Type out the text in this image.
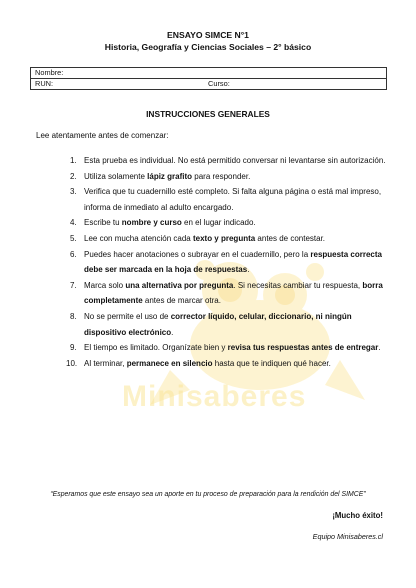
Minisaberes
ENSAYO SIMCE N°1
Historia, Geografía y Ciencias Sociales – 2° básico
Nombre:
RUN:	Curso:
INSTRUCCIONES GENERALES
Lee atentamente antes de comenzar:
1. Esta prueba es individual. No está permitido conversar ni levantarse sin autorización.
2. Utiliza solamente lápiz grafito para responder.
3. Verifica que tu cuadernillo esté completo. Si falta alguna página o está mal impreso, informa de inmediato al adulto encargado.
4. Escribe tu nombre y curso en el lugar indicado.
5. Lee con mucha atención cada texto y pregunta antes de contestar.
6. Puedes hacer anotaciones o subrayar en el cuadernillo, pero la respuesta correcta debe ser marcada en la hoja de respuestas.
7. Marca solo una alternativa por pregunta. Si necesitas cambiar tu respuesta, borra completamente antes de marcar otra.
8. No se permite el uso de corrector líquido, celular, diccionario, ni ningún dispositivo electrónico.
9. El tiempo es limitado. Organízate bien y revisa tus respuestas antes de entregar.
10. Al terminar, permanece en silencio hasta que te indiquen qué hacer.
“Esperamos que este ensayo sea un aporte en tu proceso de preparación para la rendición del SIMCE”
¡Mucho éxito!
Equipo Minisaberes.cl
